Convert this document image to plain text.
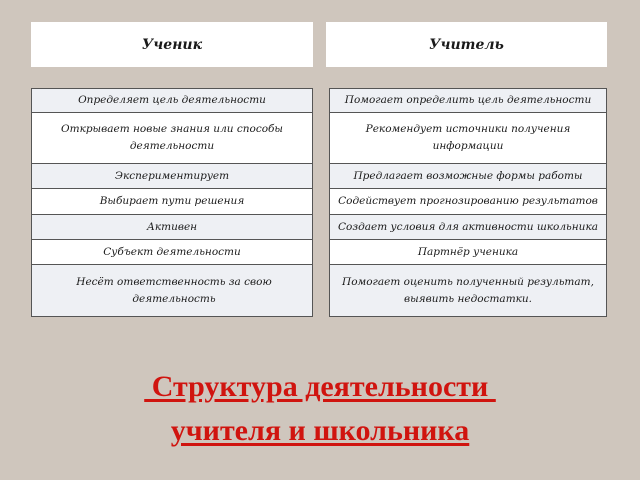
Ученик	Учитель
Определяет цель деятельности
Открывает новые знания или способы деятельности
Экспериментирует
Выбирает пути решения
Активен
Субъект деятельности
Несёт ответственность за свою деятельность
Помогает определить цель деятельности
Рекомендует источники получения информации
Предлагает возможные формы работы
Содействует прогнозированию результатов
Создает условия для активности школьника
Партнёр ученика
Помогает оценить полученный результат, выявить недостатки.
Структура деятельности
учителя и школьника
